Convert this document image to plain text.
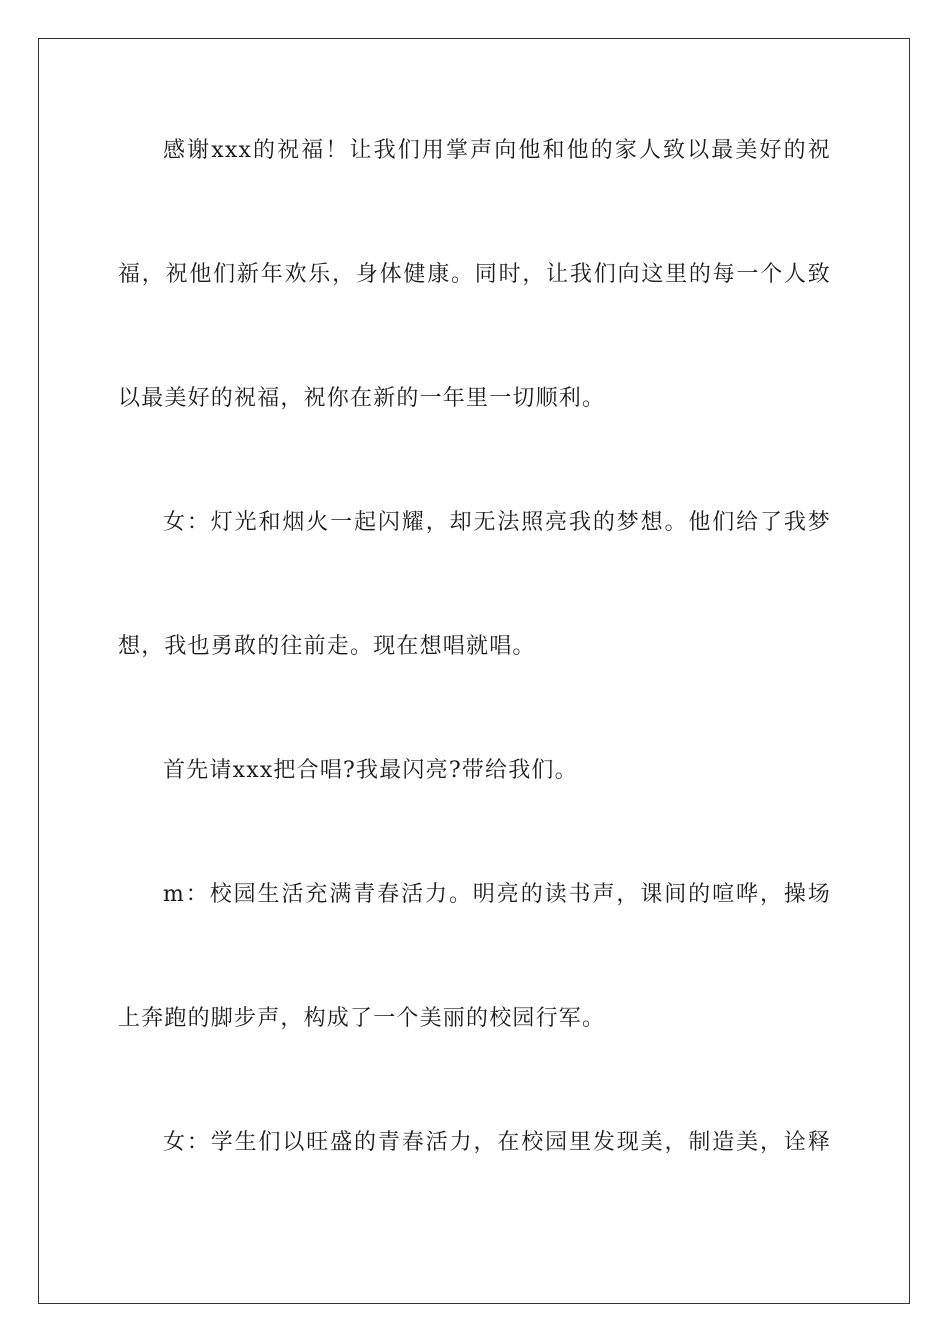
感谢xxx的祝福！让我们用掌声向他和他的家人致以最美好的祝
福，祝他们新年欢乐，身体健康。同时，让我们向这里的每一个人致
以最美好的祝福，祝你在新的一年里一切顺利。
女：灯光和烟火一起闪耀，却无法照亮我的梦想。他们给了我梦
想，我也勇敢的往前走。现在想唱就唱。
首先请xxx把合唱?我最闪亮?带给我们。
m：校园生活充满青春活力。明亮的读书声，课间的喧哗，操场
上奔跑的脚步声，构成了一个美丽的校园行军。
女：学生们以旺盛的青春活力，在校园里发现美，制造美，诠释
